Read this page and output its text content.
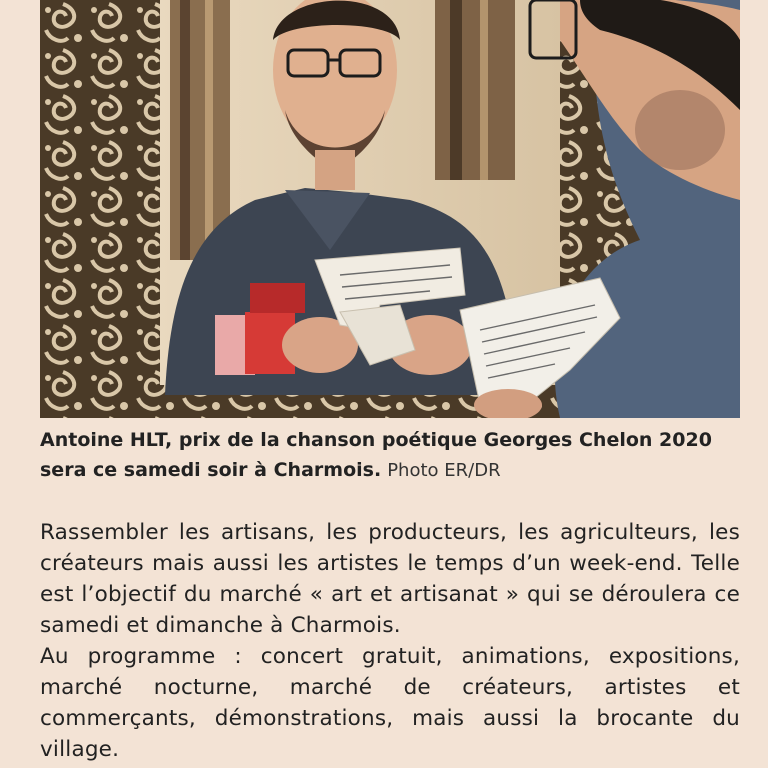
Antoine HLT, prix de la chanson poétique Georges Chelon 2020 sera ce samedi soir à Charmois. Photo ER/DR

Rassembler les artisans, les producteurs, les agriculteurs, les créateurs mais aussi les artistes le temps d’un week-end. Telle est l’objectif du marché « art et artisanat » qui se déroulera ce samedi et dimanche à Charmois.

Au programme : concert gratuit, animations, expositions, marché nocturne, marché de créateurs, artistes et commerçants, démonstrations, mais aussi la brocante du village.
